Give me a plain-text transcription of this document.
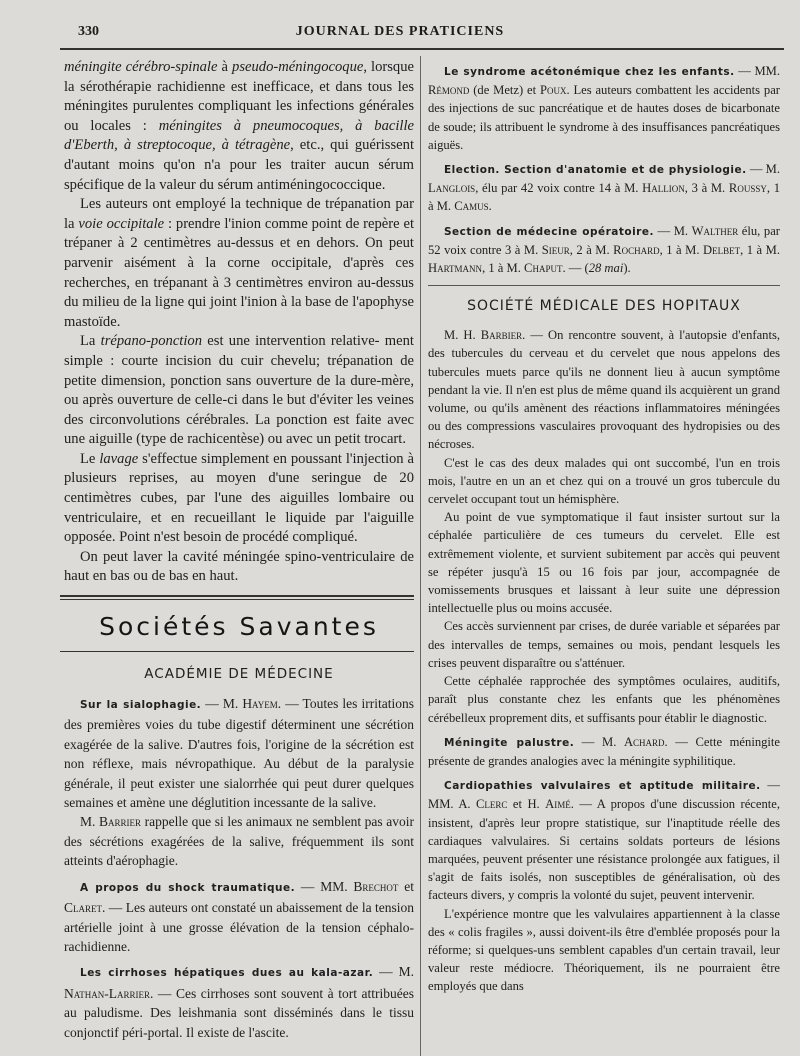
330	JOURNAL DES PRATICIENS

méningite cérébro-spinale à pseudo-méningocoque, lorsque la sérothérapie rachidienne est inefficace, et dans tous les méningites purulentes compliquant les infections générales ou locales : méningites à pneumocoques, à bacille d'Eberth, à streptocoque, à tétragène, etc., qui guérissent d'autant moins qu'on n'a pour les traiter aucun sérum spécifique de la valeur du sérum antiméningococcique.

Les auteurs ont employé la technique de trépanation par la voie occipitale : prendre l'inion comme point de repère et trépaner à 2 centimètres au-dessus et en dehors. On peut parvenir aisément à la corne occipitale, d'après ces recherches, en trépanant à 3 centimètres environ au-dessus du milieu de la ligne qui joint l'inion à la base de l'apophyse mastoïde.

La trépano-ponction est une intervention relative- ment simple : courte incision du cuir chevelu; trépanation de petite dimension, ponction sans ouverture de la dure-mère, ou après ouverture de celle-ci dans le but d'éviter les veines des circonvolutions cérébrales. La ponction est faite avec une aiguille (type de rachicentèse) ou avec un petit trocart.

Le lavage s'effectue simplement en poussant l'injection à plusieurs reprises, au moyen d'une seringue de 20 centimètres cubes, par l'une des aiguilles lombaire ou ventriculaire, et en recueillant le liquide par l'aiguille opposée. Point n'est besoin de procédé compliqué.

On peut laver la cavité méningée spino-ventriculaire de haut en bas ou de bas en haut.

Sociétés Savantes
ACADÉMIE DE MÉDECINE

Sur la sialophagie. — M. Hayem. — Toutes les irritations des premières voies du tube digestif déterminent une sécrétion exagérée de la salive. D'autres fois, l'origine de la sécrétion est non réflexe, mais névropathique. Au début de la paralysie générale, il peut exister une sialorrhée qui peut durer quelques semaines et amène une déglutition incessante de la salive.

M. Barrier rappelle que si les animaux ne semblent pas avoir des sécrétions exagérées de la salive, fréquemment ils sont atteints d'aérophagie.

A propos du shock traumatique. — MM. Brechot et Claret. — Les auteurs ont constaté un abaissement de la tension artérielle joint à une grosse élévation de la tension céphalo-rachidienne.

Les cirrhoses hépatiques dues au kala-azar. — M. Nathan-Larrier. — Ces cirrhoses sont souvent à tort attribuées au paludisme. Des leishmania sont disséminés dans le tissu conjonctif péri-portal. Il existe de l'ascite.

Le syndrome acétonémique chez les enfants. — MM. Rémond (de Metz) et Poux. Les auteurs combattent les accidents par des injections de suc pancréatique et de hautes doses de bicarbonate de soude; ils attribuent le syndrome à des insuffisances pancréatiques aiguës.

Election. Section d'anatomie et de physiologie. — M. Langlois, élu par 42 voix contre 14 à M. Hallion, 3 à M. Roussy, 1 à M. Camus.

Section de médecine opératoire. — M. Walther élu, par 52 voix contre 3 à M. Sieur, 2 à M. Rochard, 1 à M. Delbet, 1 à M. Hartmann, 1 à M. Chaput. — (28 mai).

SOCIÉTÉ MÉDICALE DES HOPITAUX

M. H. Barbier. — On rencontre souvent, à l'autopsie d'enfants, des tubercules du cerveau et du cervelet que nous appelons des tubercules muets parce qu'ils ne donnent lieu à aucun symptôme pendant la vie. Il n'en est plus de même quand ils acquièrent un grand volume, ou qu'ils amènent des réactions inflammatoires méningées ou des compressions vasculaires provoquant des hydropisies ou des nécroses.

C'est le cas des deux malades qui ont succombé, l'un en trois mois, l'autre en un an et chez qui on a trouvé un gros tubercule du cervelet occupant tout un hémisphère.

Au point de vue symptomatique il faut insister surtout sur la céphalée particulière de ces tumeurs du cervelet. Elle est extrêmement violente, et survient subitement par accès qui peuvent se répéter jusqu'à 15 ou 16 fois par jour, accompagnée de vomissements brusques et laissant à leur suite une dépression intellectuelle plus ou moins accusée.

Ces accès surviennent par crises, de durée variable et séparées par des intervalles de temps, semaines ou mois, pendant lesquels les crises peuvent disparaître ou s'atténuer.

Cette céphalée rapprochée des symptômes oculaires, auditifs, paraît plus constante chez les enfants que les phénomènes cérébelleux proprement dits, et suffisants pour établir le diagnostic.

Méningite palustre. — M. Achard. — Cette méningite présente de grandes analogies avec la méningite syphilitique.

Cardiopathies valvulaires et aptitude militaire. — MM. A. Clerc et H. Aimé. — A propos d'une discussion récente, insistent, d'après leur propre statistique, sur l'inaptitude réelle des cardiaques valvulaires. Si certains soldats porteurs de lésions marquées, peuvent présenter une résistance prolongée aux fatigues, il s'agit de faits isolés, non susceptibles de généralisation, où des facteurs divers, y compris la volonté du sujet, peuvent intervenir.

L'expérience montre que les valvulaires appartiennent à la classe des « colis fragiles », aussi doivent-ils être d'emblée proposés pour la réforme; si quelques-uns semblent capables d'un certain travail, leur valeur reste médiocre. Théoriquement, ils ne pourraient être employés que dans
